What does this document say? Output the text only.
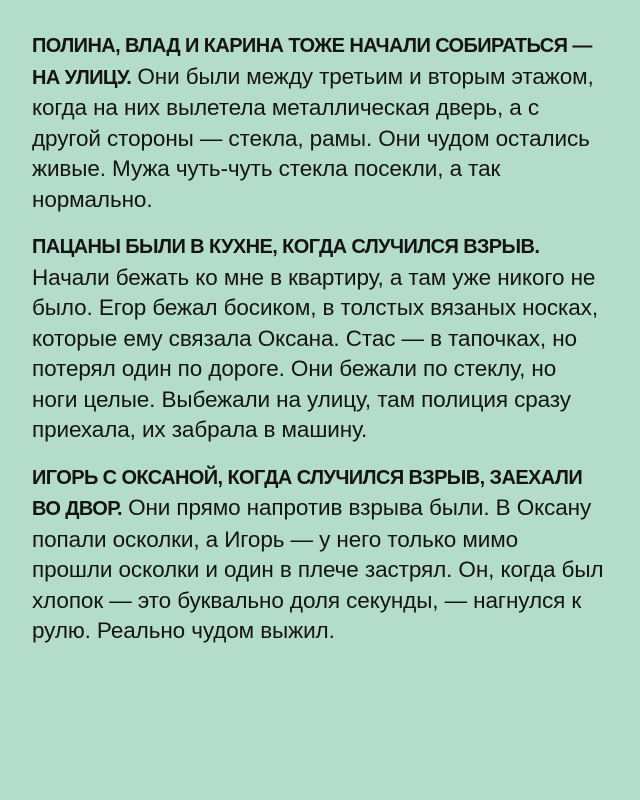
ПОЛИНА, ВЛАД И КАРИНА ТОЖЕ НАЧАЛИ СОБИРАТЬСЯ — НА УЛИЦУ. Они были между третьим и вторым этажом, когда на них вылетела металлическая дверь, а с другой стороны — стекла, рамы. Они чудом остались живые. Мужа чуть-чуть стекла посекли, а так нормально.

ПАЦАНЫ БЫЛИ В КУХНЕ, КОГДА СЛУЧИЛСЯ ВЗРЫВ. Начали бежать ко мне в квартиру, а там уже никого не было. Егор бежал босиком, в толстых вязаных носках, которые ему связала Оксана. Стас — в тапочках, но потерял один по дороге. Они бежали по стеклу, но ноги целые. Выбежали на улицу, там полиция сразу приехала, их забрала в машину.

ИГОРЬ С ОКСАНОЙ, КОГДА СЛУЧИЛСЯ ВЗРЫВ, ЗАЕХАЛИ ВО ДВОР. Они прямо напротив взрыва были. В Оксану попали осколки, а Игорь — у него только мимо прошли осколки и один в плече застрял. Он, когда был хлопок — это буквально доля секунды, — нагнулся к рулю. Реально чудом выжил.
